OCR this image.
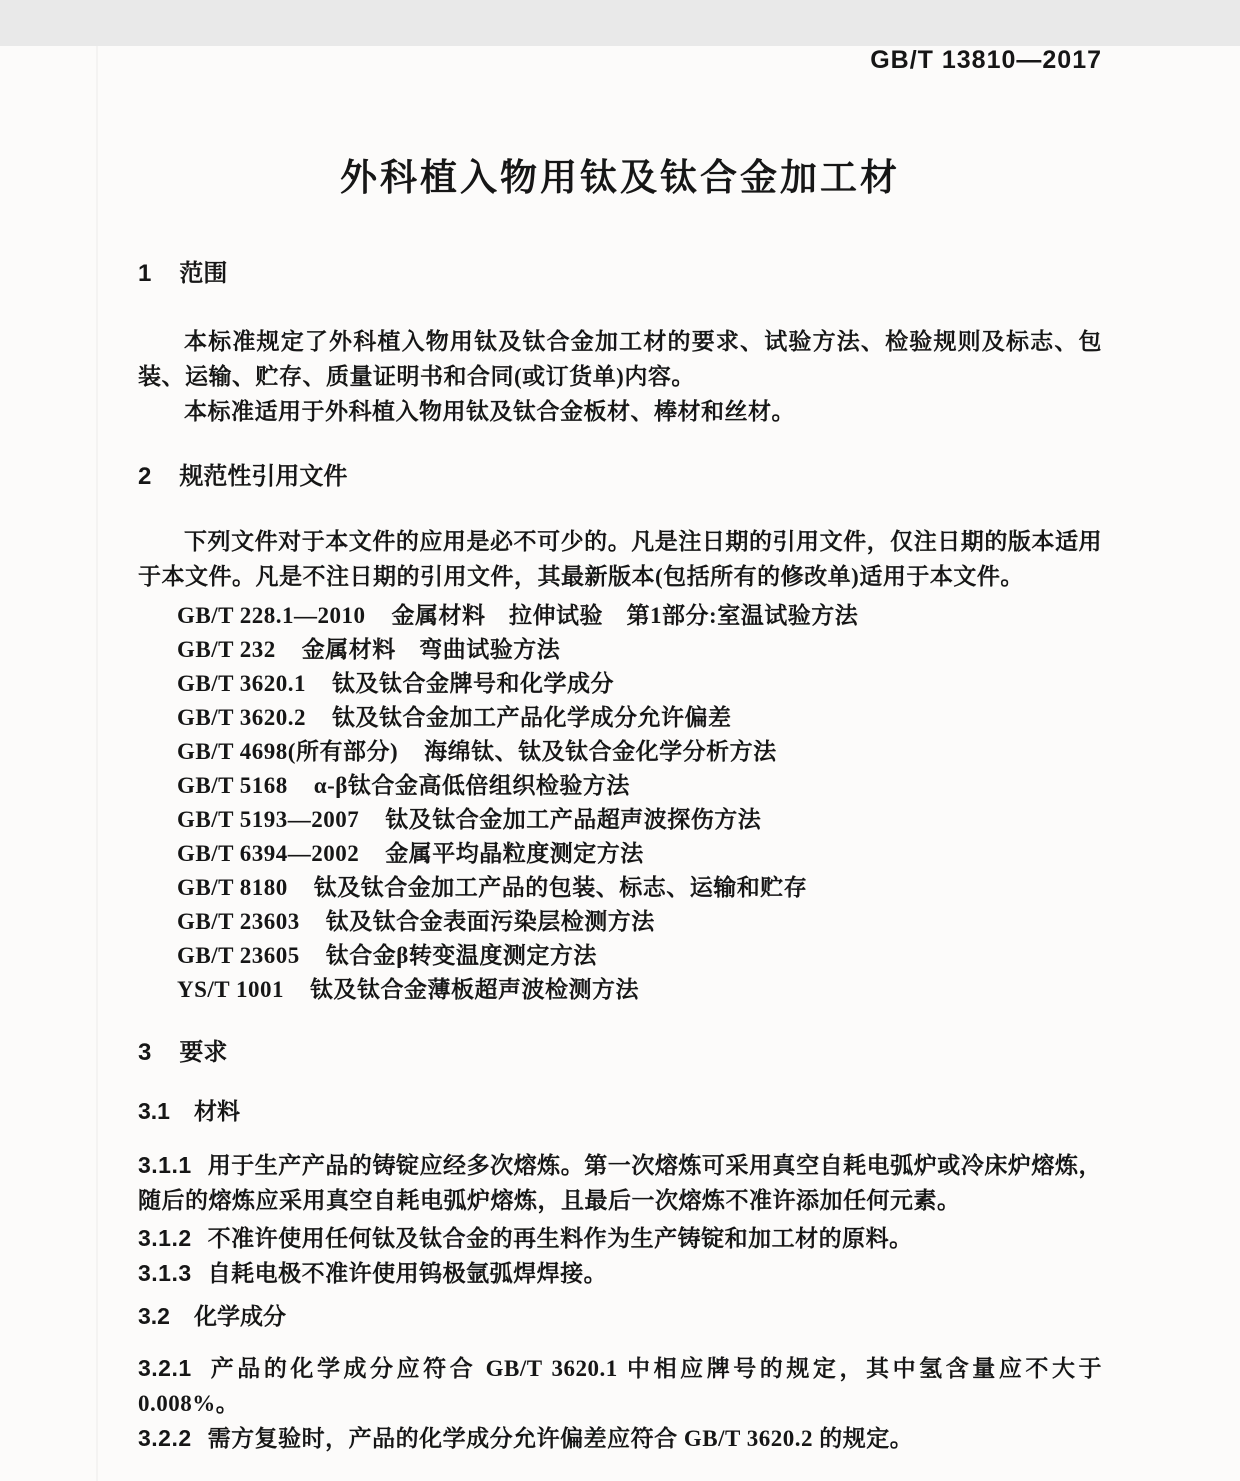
GB/T 13810—2017
外科植入物用钛及钛合金加工材
1 范围

本标准规定了外科植入物用钛及钛合金加工材的要求、试验方法、检验规则及标志、包装、运输、贮存、质量证明书和合同(或订货单)内容。

本标准适用于外科植入物用钛及钛合金板材、棒材和丝材。

2 规范性引用文件

下列文件对于本文件的应用是必不可少的。凡是注日期的引用文件，仅注日期的版本适用于本文件。凡是不注日期的引用文件，其最新版本(包括所有的修改单)适用于本文件。

GB/T 228.1—2010 金属材料　拉伸试验　第1部分:室温试验方法
GB/T 232 金属材料　弯曲试验方法
GB/T 3620.1 钛及钛合金牌号和化学成分
GB/T 3620.2 钛及钛合金加工产品化学成分允许偏差
GB/T 4698(所有部分) 海绵钛、钛及钛合金化学分析方法
GB/T 5168 α-β钛合金高低倍组织检验方法
GB/T 5193—2007 钛及钛合金加工产品超声波探伤方法
GB/T 6394—2002 金属平均晶粒度测定方法
GB/T 8180 钛及钛合金加工产品的包装、标志、运输和贮存
GB/T 23603 钛及钛合金表面污染层检测方法
GB/T 23605 钛合金β转变温度测定方法
YS/T 1001 钛及钛合金薄板超声波检测方法
3 要求
3.1 材料

3.1.1 用于生产产品的铸锭应经多次熔炼。第一次熔炼可采用真空自耗电弧炉或冷床炉熔炼，随后的熔炼应采用真空自耗电弧炉熔炼，且最后一次熔炼不准许添加任何元素。

3.1.2 不准许使用任何钛及钛合金的再生料作为生产铸锭和加工材的原料。

3.1.3 自耗电极不准许使用钨极氩弧焊焊接。

3.2 化学成分

3.2.1 产品的化学成分应符合 GB/T 3620.1 中相应牌号的规定，其中氢含量应不大于 0.008%。

3.2.2 需方复验时，产品的化学成分允许偏差应符合 GB/T 3620.2 的规定。
